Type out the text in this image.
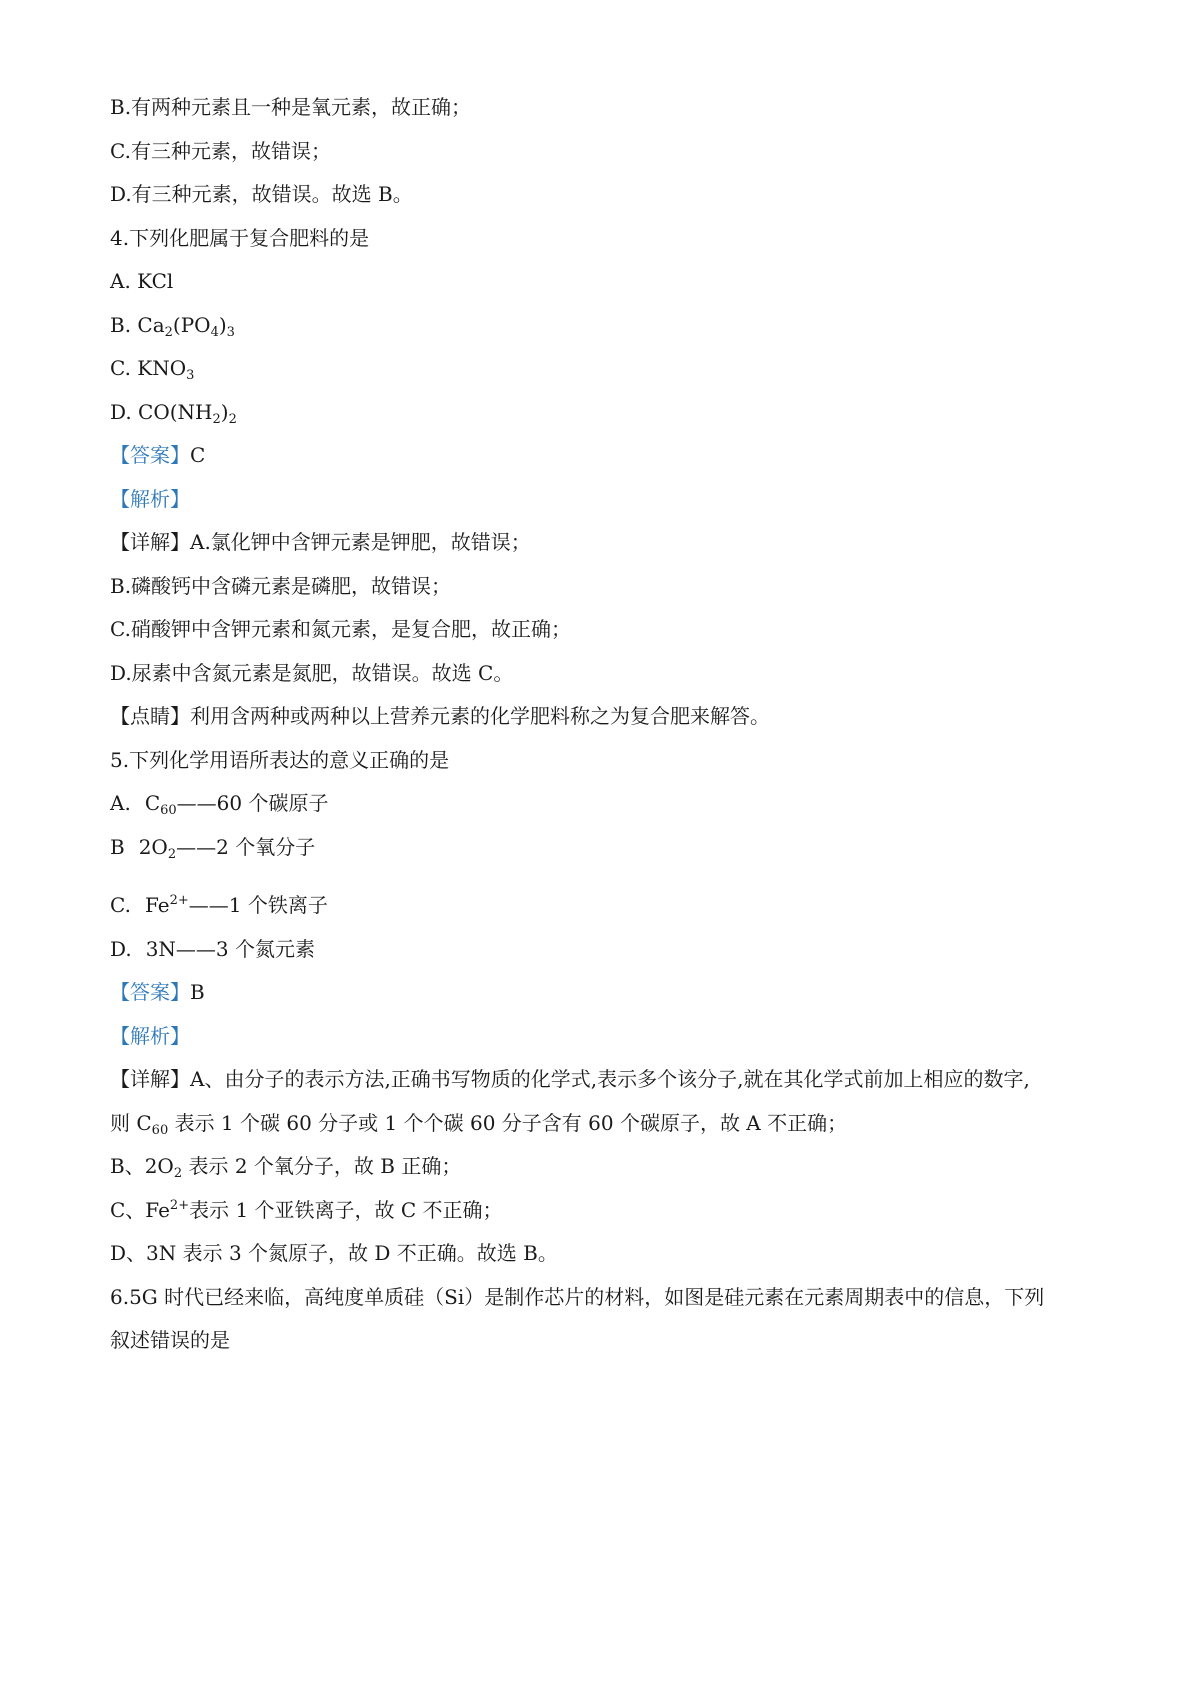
B.有两种元素且一种是氧元素，故正确；
C.有三种元素，故错误；
D.有三种元素，故错误。故选 B。
4.下列化肥属于复合肥料的是
A. KCl
B. $Ca_2(PO_4)_3$
C. $KNO_3$
D. $CO(NH_2)_2$
【答案】C
【解析】
【详解】A.氯化钾中含钾元素是钾肥，故错误；
B.磷酸钙中含磷元素是磷肥，故错误；
C.硝酸钾中含钾元素和氮元素，是复合肥，故正确；
D.尿素中含氮元素是氮肥，故错误。故选 C。
【点睛】利用含两种或两种以上营养元素的化学肥料称之为复合肥来解答。
5.下列化学用语所表达的意义正确的是
A. $C_{60}——60$ 个碳原子
B $2O_2——2$ 个氧分子
C. $Fe^{2+}——1$ 个铁离子
D. 3N——3 个氮元素
【答案】B
【解析】
【详解】A、由分子的表示方法,正确书写物质的化学式,表示多个该分子,就在其化学式前加上相应的数字,
则 $C_{60}$ 表示 1 个碳 60 分子或 1 个个碳 60 分子含有 60 个碳原子，故 A 不正确；
B、$2O_2$ 表示 2 个氧分子，故 B 正确；
C、$Fe^{2+}$表示 1 个亚铁离子，故 C 不正确；
D、3N 表示 3 个氮原子，故 D 不正确。故选 B。
6.5G 时代已经来临，高纯度单质硅（Si）是制作芯片的材料，如图是硅元素在元素周期表中的信息，下列
叙述错误的是
